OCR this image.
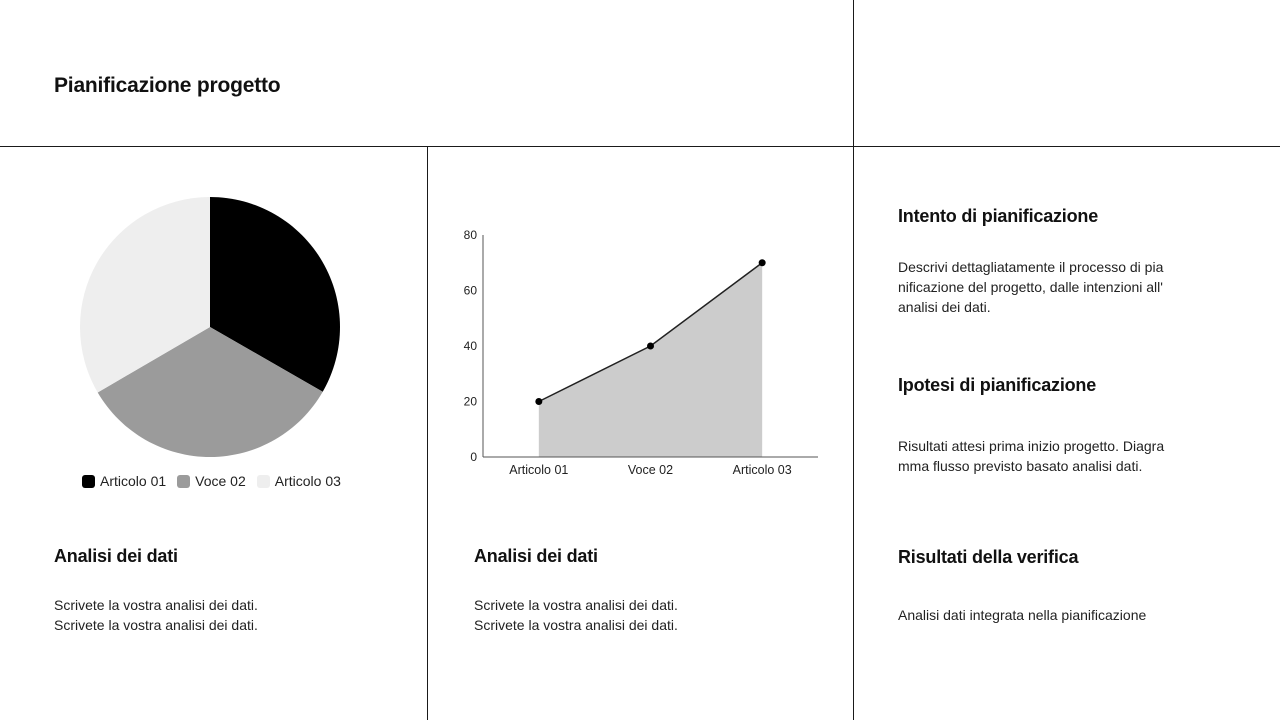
Pianificazione progetto
Articolo 01 Voce 02 Articolo 03
0
20
40
60
80
Articolo 01	Voce 02	Articolo 03
Analisi dei dati

Scrivete la vostra analisi dei dati.
Scrivete la vostra analisi dei dati.

Analisi dei dati

Scrivete la vostra analisi dei dati.
Scrivete la vostra analisi dei dati.

Intento di pianificazione

Descrivi dettagliatamente il processo di pia
nificazione del progetto, dalle intenzioni all'
analisi dei dati.

Ipotesi di pianificazione

Risultati attesi prima inizio progetto. Diagra
mma flusso previsto basato analisi dati.

Risultati della verifica

Analisi dati integrata nella pianificazione
